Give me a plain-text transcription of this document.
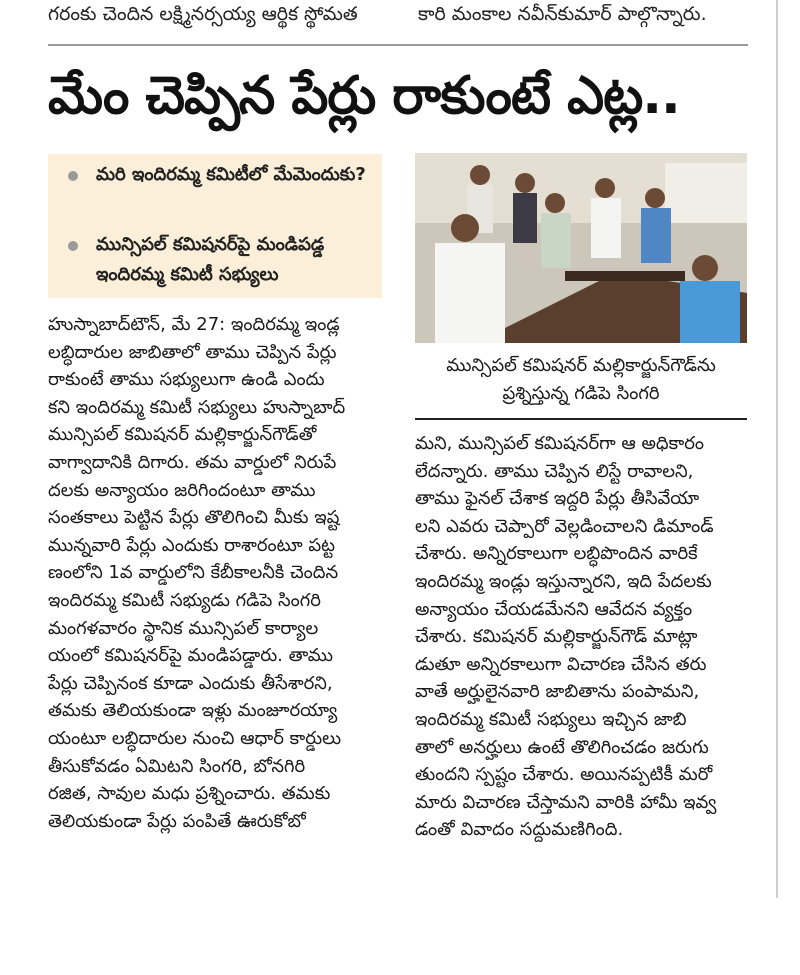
గరంకు చెందిన లక్ష్మినర్సయ్య ఆర్థిక స్థోమత	కారి మంకాల నవీన్‌కుమార్ పాల్గొన్నారు.
మేం చెప్పిన పేర్లు రాకుంటే ఎట్ల..
మరి ఇందిరమ్మ కమిటీలో మేమెందుకు?
మున్సిపల్ కమిషనర్‌పై మండిపడ్డ ఇందిరమ్మ కమిటీ సభ్యులు
మున్సిపల్ కమిషనర్ మల్లికార్జున్‌గౌడ్‌ను
ప్రశ్నిస్తున్న గడిపె సింగరి
హుస్నాబాద్‌టౌన్, మే 27: ఇందిరమ్మ ఇండ్ల
లబ్ధిదారుల జాబితాలో తాము చెప్పిన పేర్లు
రాకుంటే తాము సభ్యులుగా ఉండి ఎందు
కని ఇందిరమ్మ కమిటీ సభ్యులు హుస్నాబాద్
మున్సిపల్ కమిషనర్ మల్లికార్జున్‌గౌడ్‌తో
వాగ్వాదానికి దిగారు. తమ వార్డులో నిరుపే
దలకు అన్యాయం జరిగిందంటూ తాము
సంతకాలు పెట్టిన పేర్లు తొలిగించి మీకు ఇష్ట
మున్నవారి పేర్లు ఎందుకు రాశారంటూ పట్ట
ణంలోని 1వ వార్డులోని కేబీకాలనీకి చెందిన
ఇందిరమ్మ కమిటీ సభ్యుడు గడిపె సింగరి
మంగళవారం స్థానిక మున్సిపల్ కార్యాల
యంలో కమిషనర్‌పై మండిపడ్డారు. తాము
పేర్లు చెప్పినంక కూడా ఎందుకు తీసేశారని,
తమకు తెలియకుండా ఇళ్లు మంజూరయ్యా
యంటూ లబ్ధిదారుల నుంచి ఆధార్ కార్డులు
తీసుకోవడం ఏమిటని సింగరి, బోనగిరి
రజిత, సావుల మధు ప్రశ్నించారు. తమకు
తెలియకుండా పేర్లు పంపితే ఊరుకోబో
మని, మున్సిపల్ కమిషనర్‌గా ఆ అధికారం
లేదన్నారు. తాము చెప్పిన లిస్టే రావాలని,
తాము ఫైనల్ చేశాక ఇద్దరి పేర్లు తీసివేయా
లని ఎవరు చెప్పారో వెల్లడించాలని డిమాండ్
చేశారు. అన్నిరకాలుగా లబ్ధిపొందిన వారికే
ఇందిరమ్మ ఇండ్లు ఇస్తున్నారని, ఇది పేదలకు
అన్యాయం చేయడమేనని ఆవేదన వ్యక్తం
చేశారు. కమిషనర్ మల్లికార్జున్‌గౌడ్ మాట్లా
డుతూ అన్నిరకాలుగా విచారణ చేసిన తరు
వాతే అర్హులైనవారి జాబితాను పంపామని,
ఇందిరమ్మ కమిటీ సభ్యులు ఇచ్చిన జాబి
తాలో అనర్హులు ఉంటే తొలిగించడం జరుగు
తుందని స్పష్టం చేశారు. అయినప్పటికీ మరో
మారు విచారణ చేస్తామని వారికి హామీ ఇవ్వ
డంతో వివాదం సద్దుమణిగింది.
